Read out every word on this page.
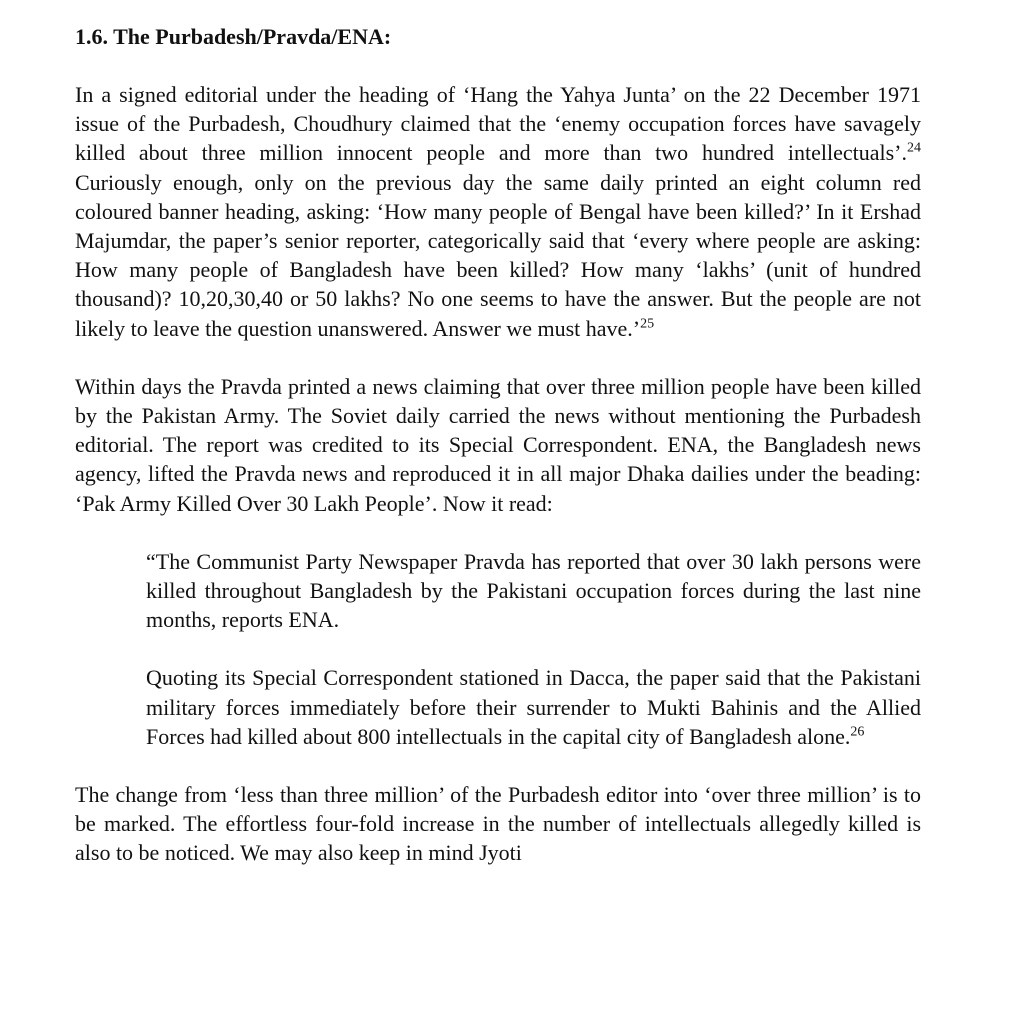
1.6. The Purbadesh/Pravda/ENA:

In a signed editorial under the heading of ‘Hang the Yahya Junta’ on the 22 December 1971 issue of the Purbadesh, Choudhury claimed that the ‘enemy occupation forces have savagely killed about three million innocent people and more than two hundred intellectuals’.$^{24}$ Curiously enough, only on the previous day the same daily printed an eight column red coloured banner heading, asking: ‘How many people of Bengal have been killed?’ In it Ershad Majumdar, the paper’s senior reporter, categorically said that ‘every where people are asking: How many people of Bangladesh have been killed? How many ‘lakhs’ (unit of hundred thousand)? 10,20,30,40 or 50 lakhs? No one seems to have the answer. But the people are not likely to leave the question unanswered. Answer we must have.’$^{25}$

Within days the Pravda printed a news claiming that over three million people have been killed by the Pakistan Army. The Soviet daily carried the news without mentioning the Purbadesh editorial. The report was credited to its Special Correspondent. ENA, the Bangladesh news agency, lifted the Pravda news and reproduced it in all major Dhaka dailies under the beading: ‘Pak Army Killed Over 30 Lakh People’. Now it read:

“The Communist Party Newspaper Pravda has reported that over 30 lakh persons were killed throughout Bangladesh by the Pakistani occupation forces during the last nine months, reports ENA.

Quoting its Special Correspondent stationed in Dacca, the paper said that the Pakistani military forces immediately before their surrender to Mukti Bahinis and the Allied Forces had killed about 800 intellectuals in the capital city of Bangladesh alone.$^{26}$

The change from ‘less than three million’ of the Purbadesh editor into ‘over three million’ is to be marked. The effortless four-fold increase in the number of intellectuals allegedly killed is also to be noticed. We may also keep in mind Jyoti
